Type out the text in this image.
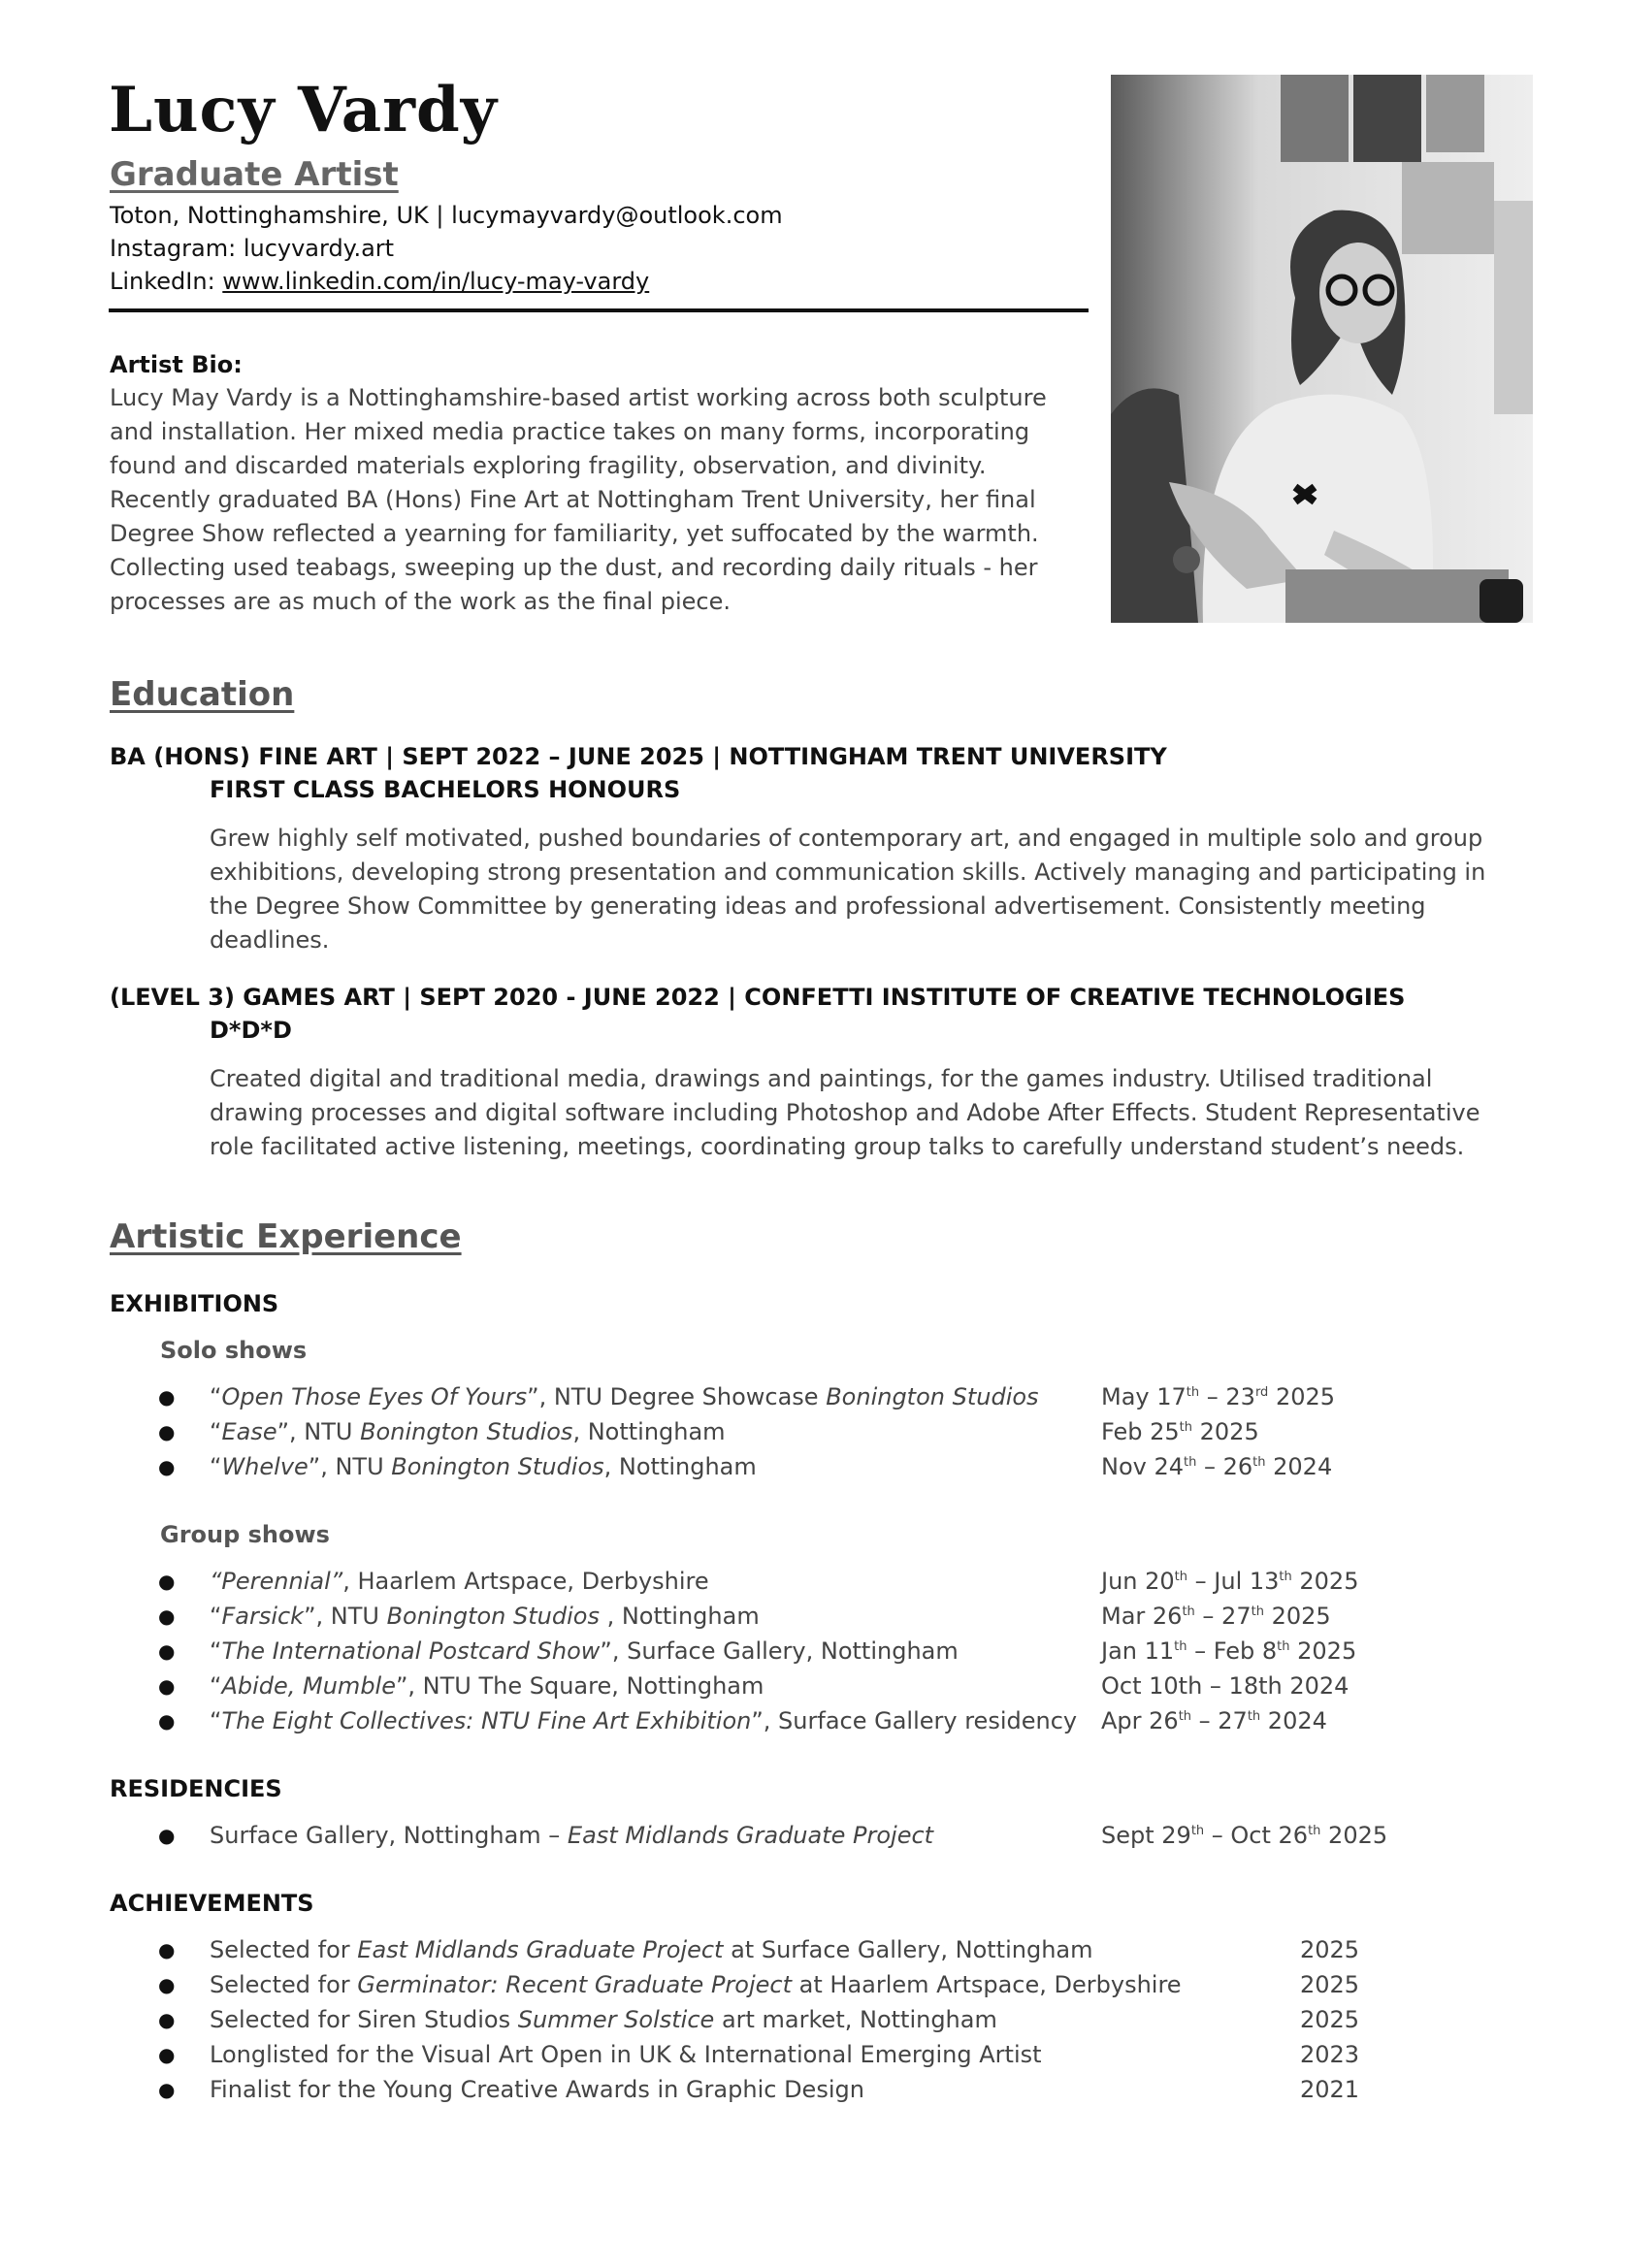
Lucy Vardy
Graduate Artist
Toton, Nottinghamshire, UK | lucymayvardy@outlook.com
Instagram: lucyvardy.art
LinkedIn: www.linkedin.com/in/lucy-may-vardy
Artist Bio:
Lucy May Vardy is a Nottinghamshire-based artist working across both sculpture
and installation. Her mixed media practice takes on many forms, incorporating
found and discarded materials exploring fragility, observation, and divinity.
Recently graduated BA (Hons) Fine Art at Nottingham Trent University, her final
Degree Show reflected a yearning for familiarity, yet suffocated by the warmth.
Collecting used teabags, sweeping up the dust, and recording daily rituals - her
processes are as much of the work as the final piece.
Education
BA (HONS) FINE ART | SEPT 2022 – JUNE 2025 | NOTTINGHAM TRENT UNIVERSITY
FIRST CLASS BACHELORS HONOURS
Grew highly self motivated, pushed boundaries of contemporary art, and engaged in multiple solo and group
exhibitions, developing strong presentation and communication skills. Actively managing and participating in
the Degree Show Committee by generating ideas and professional advertisement. Consistently meeting
deadlines.
(LEVEL 3) GAMES ART | SEPT 2020 - JUNE 2022 | CONFETTI INSTITUTE OF CREATIVE TECHNOLOGIES
D*D*D
Created digital and traditional media, drawings and paintings, for the games industry. Utilised traditional
drawing processes and digital software including Photoshop and Adobe After Effects. Student Representative
role facilitated active listening, meetings, coordinating group talks to carefully understand student’s needs.
Artistic Experience
EXHIBITIONS
Solo shows
● “Open Those Eyes Of Yours”, NTU Degree Showcase Bonington Studios	May 17th – 23rd 2025
● “Ease”, NTU Bonington Studios, Nottingham	Feb 25th 2025
● “Whelve”, NTU Bonington Studios, Nottingham	Nov 24th – 26th 2024
Group shows
● “Perennial”, Haarlem Artspace, Derbyshire	Jun 20th – Jul 13th 2025
● “Farsick”, NTU Bonington Studios , Nottingham	Mar 26th – 27th 2025
● “The International Postcard Show”, Surface Gallery, Nottingham	Jan 11th – Feb 8th 2025
● “Abide, Mumble”, NTU The Square, Nottingham	Oct 10th – 18th 2024
● “The Eight Collectives: NTU Fine Art Exhibition”, Surface Gallery residency Apr 26th – 27th 2024
RESIDENCIES
● Surface Gallery, Nottingham – East Midlands Graduate Project	Sept 29th – Oct 26th 2025
ACHIEVEMENTS
● Selected for East Midlands Graduate Project at Surface Gallery, Nottingham	2025
● Selected for Germinator: Recent Graduate Project at Haarlem Artspace, Derbyshire	2025
● Selected for Siren Studios Summer Solstice art market, Nottingham	2025
● Longlisted for the Visual Art Open in UK & International Emerging Artist	2023
● Finalist for the Young Creative Awards in Graphic Design	2021
